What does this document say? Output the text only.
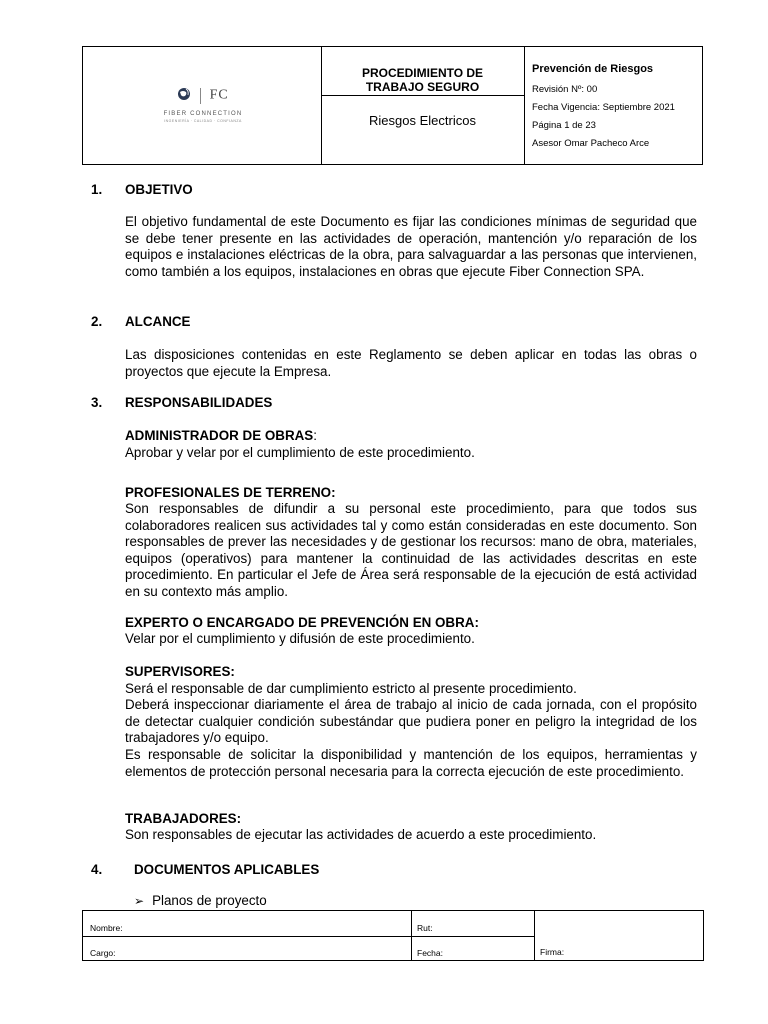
FC
FIBER CONNECTION
INGENIERÍA · CALIDAD · CONFIANZA
PROCEDIMIENTO DE
TRABAJO SEGURO
Riesgos Electricos
Prevención de Riesgos
Revisión Nº: 00
Fecha Vigencia: Septiembre 2021
Página 1 de 23
Asesor Omar Pacheco Arce
1. OBJETIVO

El objetivo fundamental de este Documento es fijar las condiciones mínimas de seguridad que se debe tener presente en las actividades de operación, mantención y/o reparación de los equipos e instalaciones eléctricas de la obra, para salvaguardar a las personas que intervienen, como también a los equipos, instalaciones en obras que ejecute Fiber Connection SPA.

2. ALCANCE

Las disposiciones contenidas en este Reglamento se deben aplicar en todas las obras o proyectos que ejecute la Empresa.

3. RESPONSABILIDADES
ADMINISTRADOR DE OBRAS:

Aprobar y velar por el cumplimiento de este procedimiento.

PROFESIONALES DE TERRENO:

Son responsables de difundir a su personal este procedimiento, para que todos sus colaboradores realicen sus actividades tal y como están consideradas en este documento. Son responsables de prever las necesidades y de gestionar los recursos: mano de obra, materiales, equipos (operativos) para mantener la continuidad de las actividades descritas en este procedimiento. En particular el Jefe de Área será responsable de la ejecución de está actividad en su contexto más amplio.

EXPERTO O ENCARGADO DE PREVENCIÓN EN OBRA:

Velar por el cumplimiento y difusión de este procedimiento.

SUPERVISORES:

Será el responsable de dar cumplimiento estricto al presente procedimiento.

Deberá inspeccionar diariamente el área de trabajo al inicio de cada jornada, con el propósito de detectar cualquier condición subestándar que pudiera poner en peligro la integridad de los trabajadores y/o equipo.

Es responsable de solicitar la disponibilidad y mantención de los equipos, herramientas y elementos de protección personal necesaria para la correcta ejecución de este procedimiento.

TRABAJADORES:

Son responsables de ejecutar las actividades de acuerdo a este procedimiento.

4. DOCUMENTOS APLICABLES
➢ Planos de proyecto
Nombre:
Cargo:
Rut:
Fecha:	Firma:
